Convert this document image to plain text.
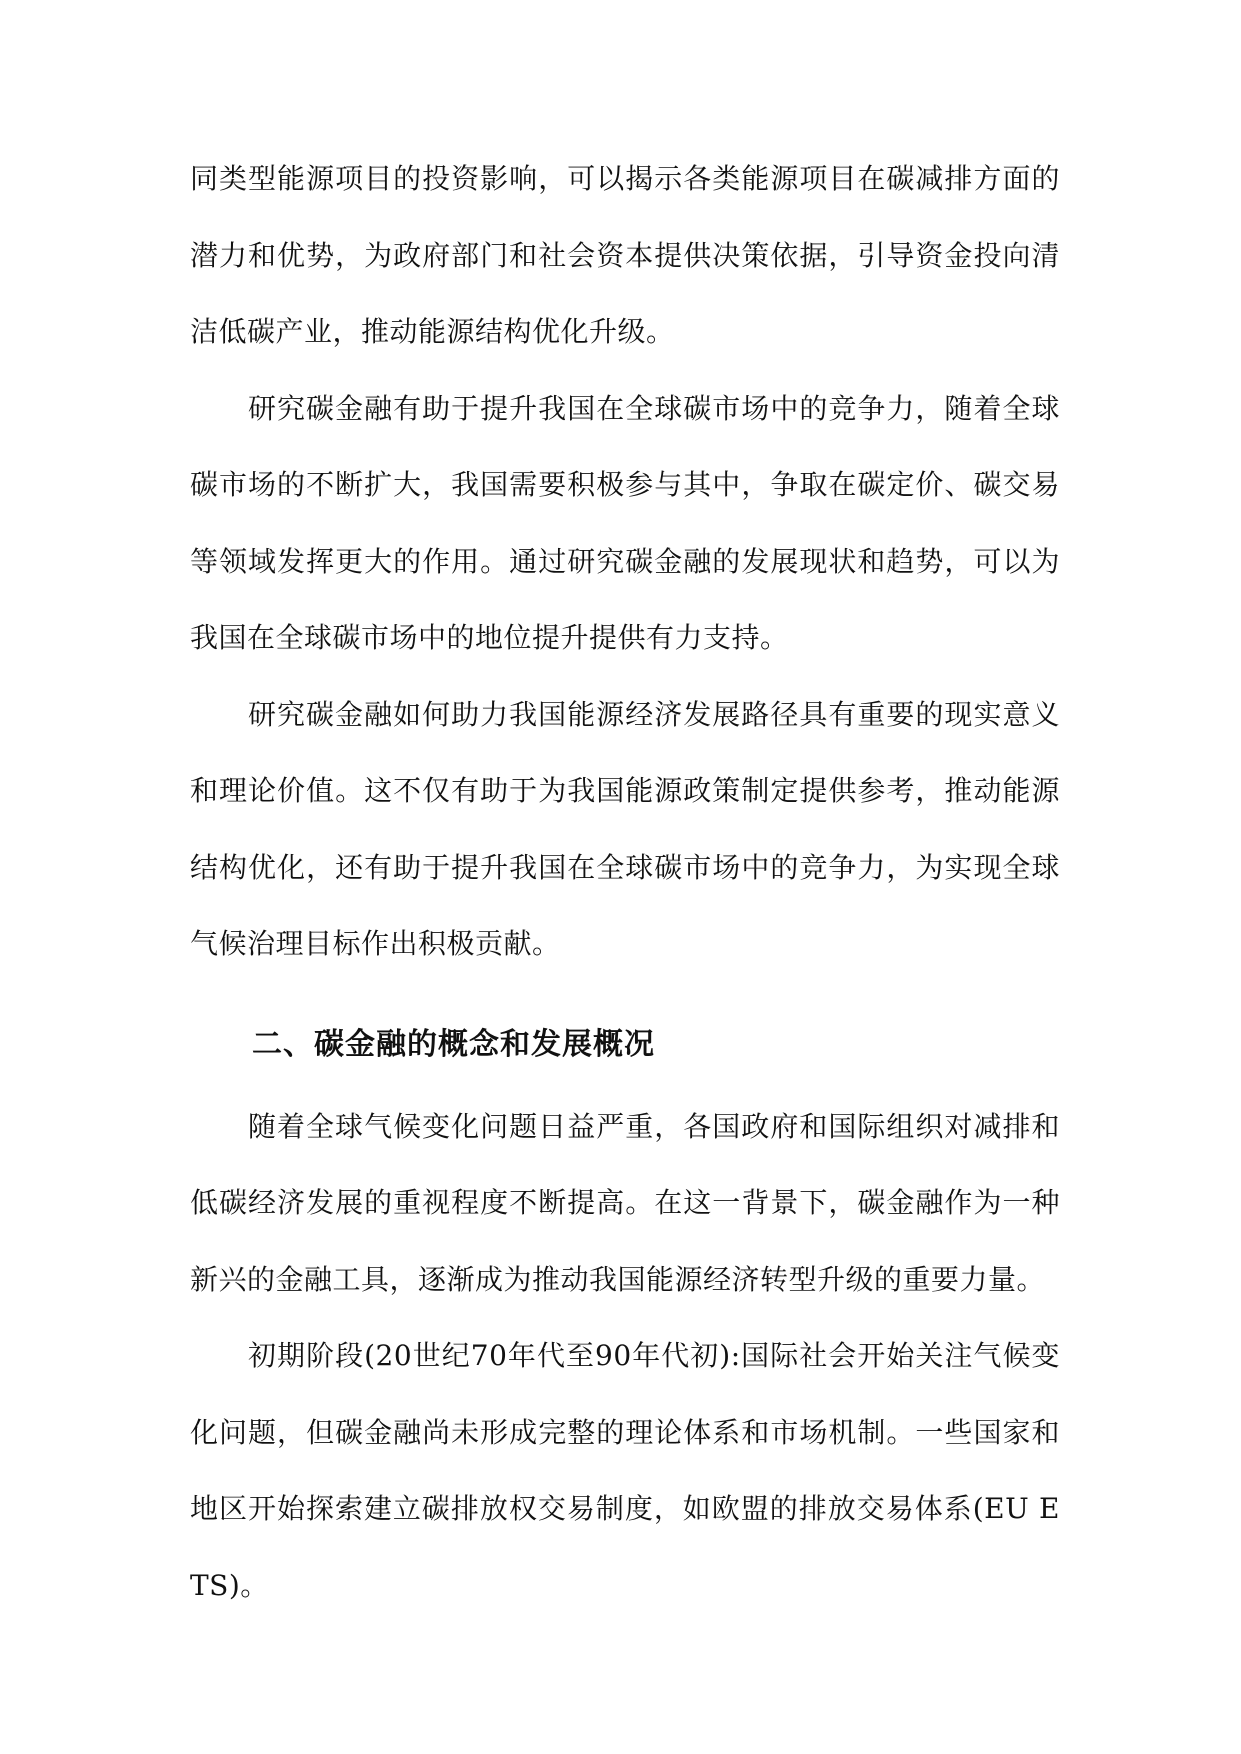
同类型能源项目的投资影响，可以揭示各类能源项目在碳减排方面的潜力和优势，为政府部门和社会资本提供决策依据，引导资金投向清洁低碳产业，推动能源结构优化升级。

研究碳金融有助于提升我国在全球碳市场中的竞争力，随着全球碳市场的不断扩大，我国需要积极参与其中，争取在碳定价、碳交易等领域发挥更大的作用。通过研究碳金融的发展现状和趋势，可以为我国在全球碳市场中的地位提升提供有力支持。

研究碳金融如何助力我国能源经济发展路径具有重要的现实意义和理论价值。这不仅有助于为我国能源政策制定提供参考，推动能源结构优化，还有助于提升我国在全球碳市场中的竞争力，为实现全球气候治理目标作出积极贡献。

二、碳金融的概念和发展概况

随着全球气候变化问题日益严重，各国政府和国际组织对减排和低碳经济发展的重视程度不断提高。在这一背景下，碳金融作为一种新兴的金融工具，逐渐成为推动我国能源经济转型升级的重要力量。

初期阶段(20世纪70年代至90年代初):国际社会开始关注气候变化问题，但碳金融尚未形成完整的理论体系和市场机制。一些国家和地区开始探索建立碳排放权交易制度，如欧盟的排放交易体系(EU ETS)。
